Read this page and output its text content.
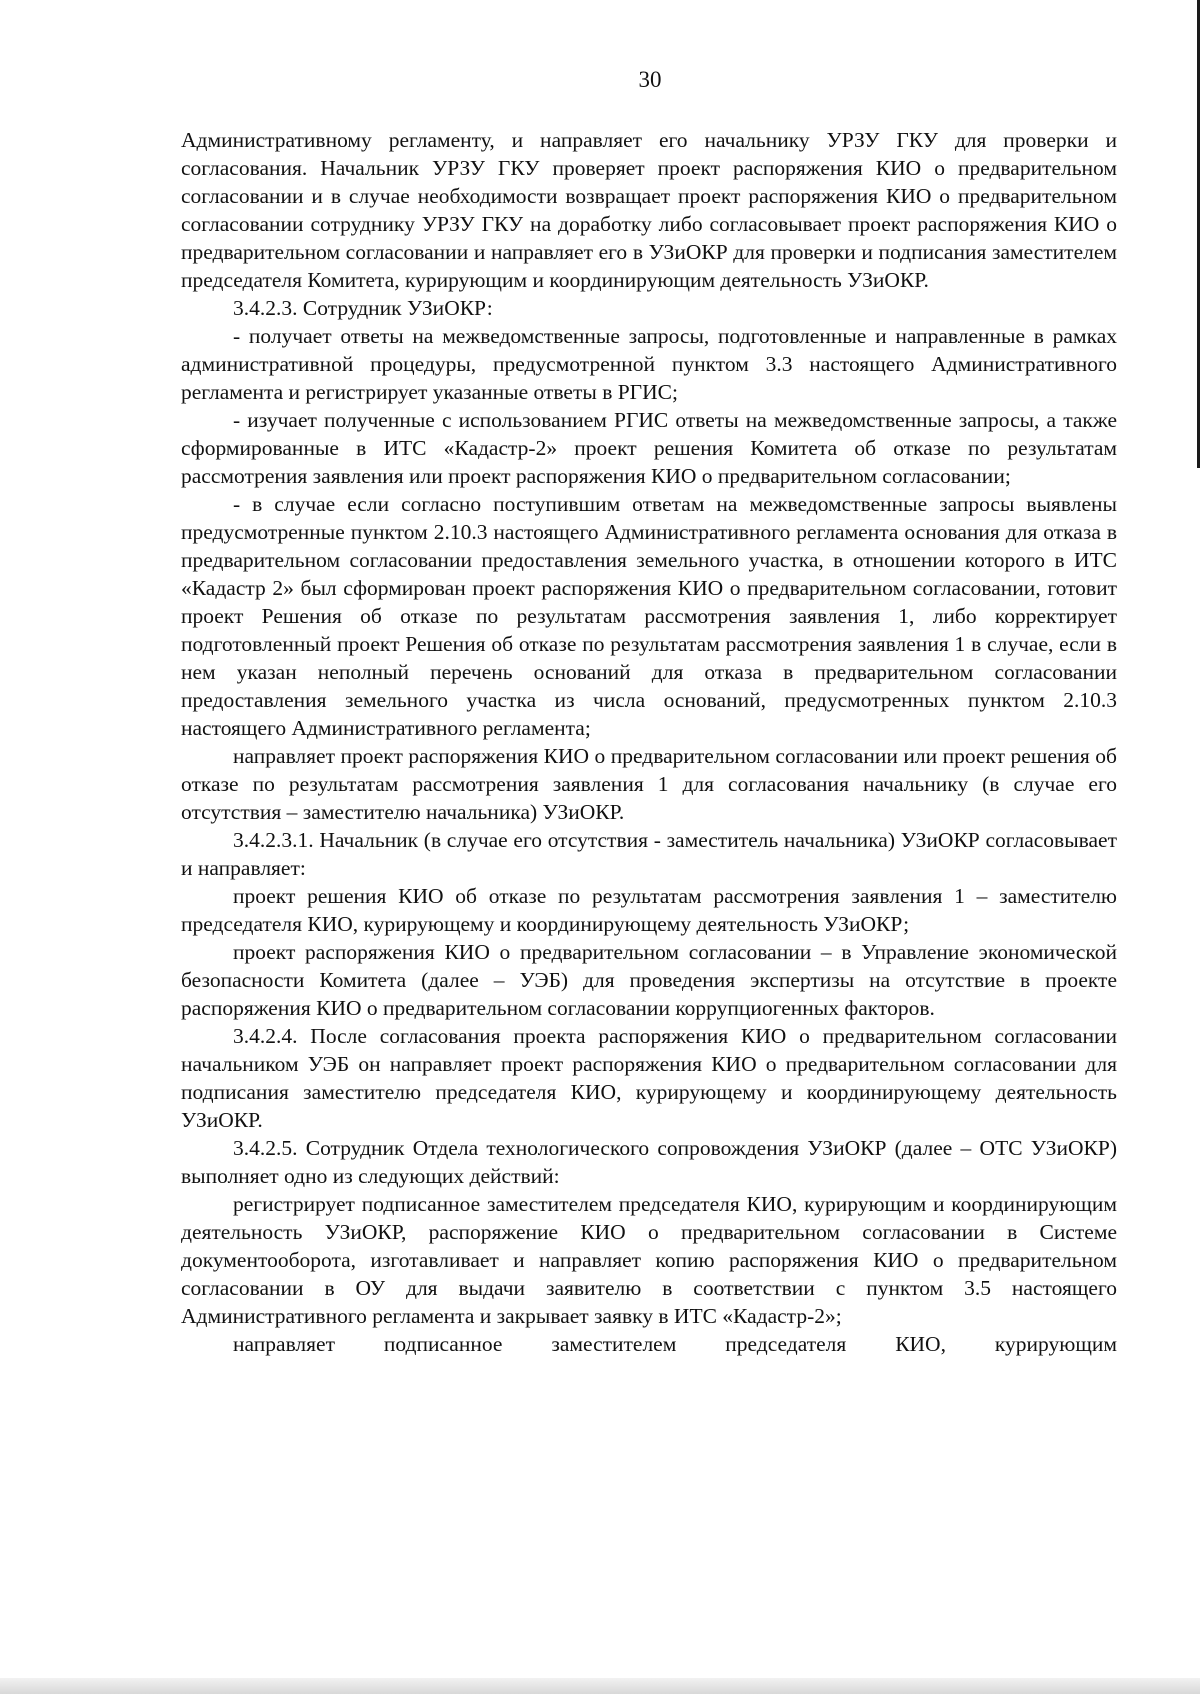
30

Административному регламенту, и направляет его начальнику УРЗУ ГКУ для проверки и согласования. Начальник УРЗУ ГКУ проверяет проект распоряжения КИО о предварительном согласовании и в случае необходимости возвращает проект распоряжения КИО о предварительном согласовании сотруднику УРЗУ ГКУ на доработку либо согласовывает проект распоряжения КИО о предварительном согласовании и направляет его в УЗиОКР для проверки и подписания заместителем председателя Комитета, курирующим и координирующим деятельность УЗиОКР.

3.4.2.3. Сотрудник УЗиОКР:

- получает ответы на межведомственные запросы, подготовленные и направленные в рамках административной процедуры, предусмотренной пунктом 3.3 настоящего Административного регламента и регистрирует указанные ответы в РГИС;

- изучает полученные с использованием РГИС ответы на межведомственные запросы, а также сформированные в ИТС «Кадастр-2» проект решения Комитета об отказе по результатам рассмотрения заявления или проект распоряжения КИО о предварительном согласовании;

- в случае если согласно поступившим ответам на межведомственные запросы выявлены предусмотренные пунктом 2.10.3 настоящего Административного регламента основания для отказа в предварительном согласовании предоставления земельного участка, в отношении которого в ИТС «Кадастр 2» был сформирован проект распоряжения КИО о предварительном согласовании, готовит проект Решения об отказе по результатам рассмотрения заявления 1, либо корректирует подготовленный проект Решения об отказе по результатам рассмотрения заявления 1 в случае, если в нем указан неполный перечень оснований для отказа в предварительном согласовании предоставления земельного участка из числа оснований, предусмотренных пунктом 2.10.3 настоящего Административного регламента;

направляет проект распоряжения КИО о предварительном согласовании или проект решения об отказе по результатам рассмотрения заявления 1 для согласования начальнику (в случае его отсутствия – заместителю начальника) УЗиОКР.

3.4.2.3.1. Начальник (в случае его отсутствия - заместитель начальника) УЗиОКР согласовывает и направляет:

проект решения КИО об отказе по результатам рассмотрения заявления 1 – заместителю председателя КИО, курирующему и координирующему деятельность УЗиОКР;

проект распоряжения КИО о предварительном согласовании – в Управление экономической безопасности Комитета (далее – УЭБ) для проведения экспертизы на отсутствие в проекте распоряжения КИО о предварительном согласовании коррупциогенных факторов.

3.4.2.4. После согласования проекта распоряжения КИО о предварительном согласовании начальником УЭБ он направляет проект распоряжения КИО о предварительном согласовании для подписания заместителю председателя КИО, курирующему и координирующему деятельность УЗиОКР.

3.4.2.5. Сотрудник Отдела технологического сопровождения УЗиОКР (далее – ОТС УЗиОКР) выполняет одно из следующих действий:

регистрирует подписанное заместителем председателя КИО, курирующим и координирующим деятельность УЗиОКР, распоряжение КИО о предварительном согласовании в Системе документооборота, изготавливает и направляет копию распоряжения КИО о предварительном согласовании в ОУ для выдачи заявителю в соответствии с пунктом 3.5 настоящего Административного регламента и закрывает заявку в ИТС «Кадастр-2»;

направляет подписанное заместителем председателя КИО, курирующим
